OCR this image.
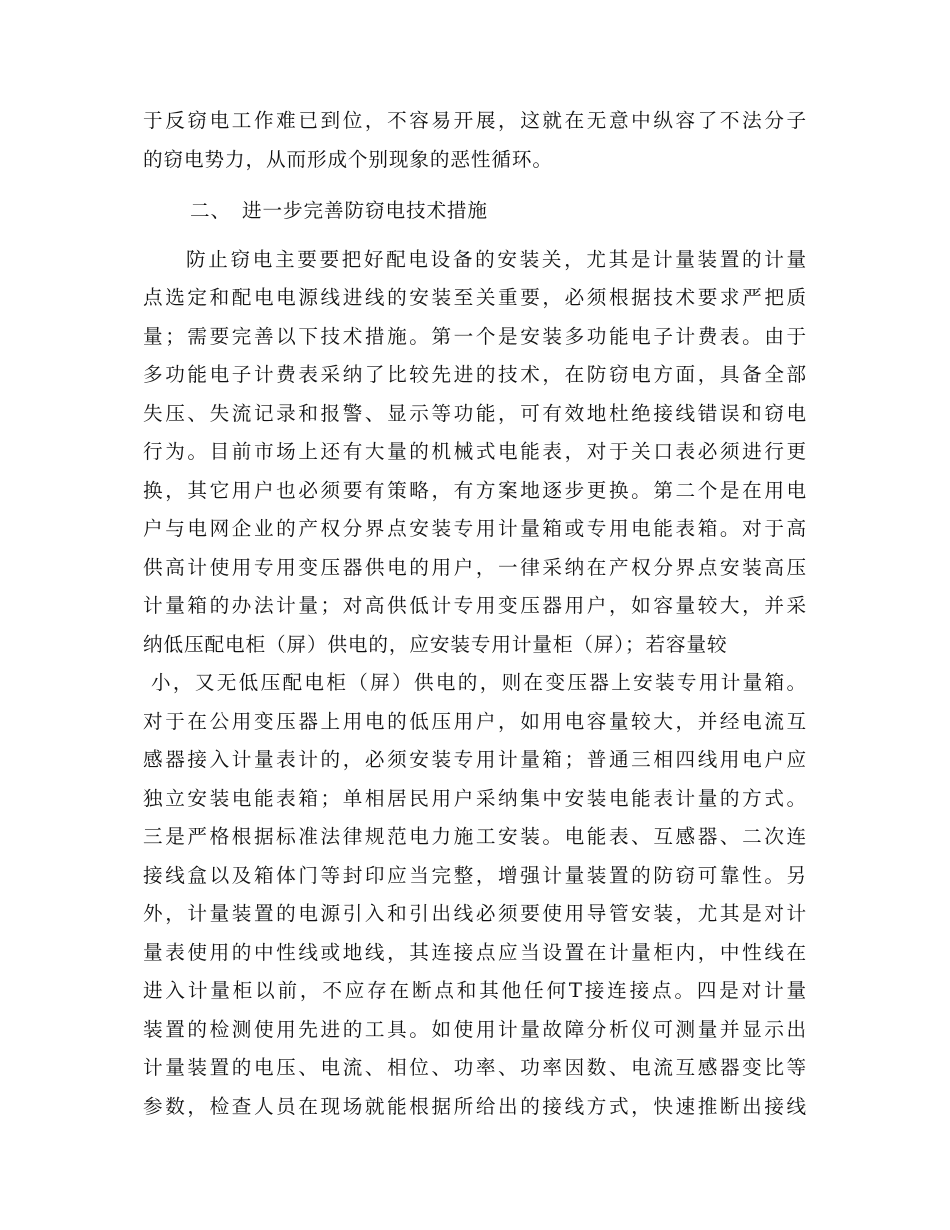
于反窃电工作难已到位，不容易开展，这就在无意中纵容了不法分子
的窃电势力，从而形成个别现象的恶性循环。
二、 进一步完善防窃电技术措施
防止窃电主要要把好配电设备的安装关，尤其是计量装置的计量
点选定和配电电源线进线的安装至关重要，必须根据技术要求严把质
量；需要完善以下技术措施。第一个是安装多功能电子计费表。由于
多功能电子计费表采纳了比较先进的技术，在防窃电方面，具备全部
失压、失流记录和报警、显示等功能，可有效地杜绝接线错误和窃电
行为。目前市场上还有大量的机械式电能表，对于关口表必须进行更
换，其它用户也必须要有策略，有方案地逐步更换。第二个是在用电
户与电网企业的产权分界点安装专用计量箱或专用电能表箱。对于高
供高计使用专用变压器供电的用户，一律采纳在产权分界点安装高压
计量箱的办法计量；对高供低计专用变压器用户，如容量较大，并采
纳低压配电柜（屏）供电的，应安装专用计量柜（屏）；若容量较
小，又无低压配电柜（屏）供电的，则在变压器上安装专用计量箱。
对于在公用变压器上用电的低压用户，如用电容量较大，并经电流互
感器接入计量表计的，必须安装专用计量箱；普通三相四线用电户应
独立安装电能表箱；单相居民用户采纳集中安装电能表计量的方式。
三是严格根据标准法律规范电力施工安装。电能表、互感器、二次连
接线盒以及箱体门等封印应当完整，增强计量装置的防窃可靠性。另
外，计量装置的电源引入和引出线必须要使用导管安装，尤其是对计
量表使用的中性线或地线，其连接点应当设置在计量柜内，中性线在
进入计量柜以前，不应存在断点和其他任何T接连接点。四是对计量
装置的检测使用先进的工具。如使用计量故障分析仪可测量并显示出
计量装置的电压、电流、相位、功率、功率因数、电流互感器变比等
参数，检查人员在现场就能根据所给出的接线方式，快速推断出接线
